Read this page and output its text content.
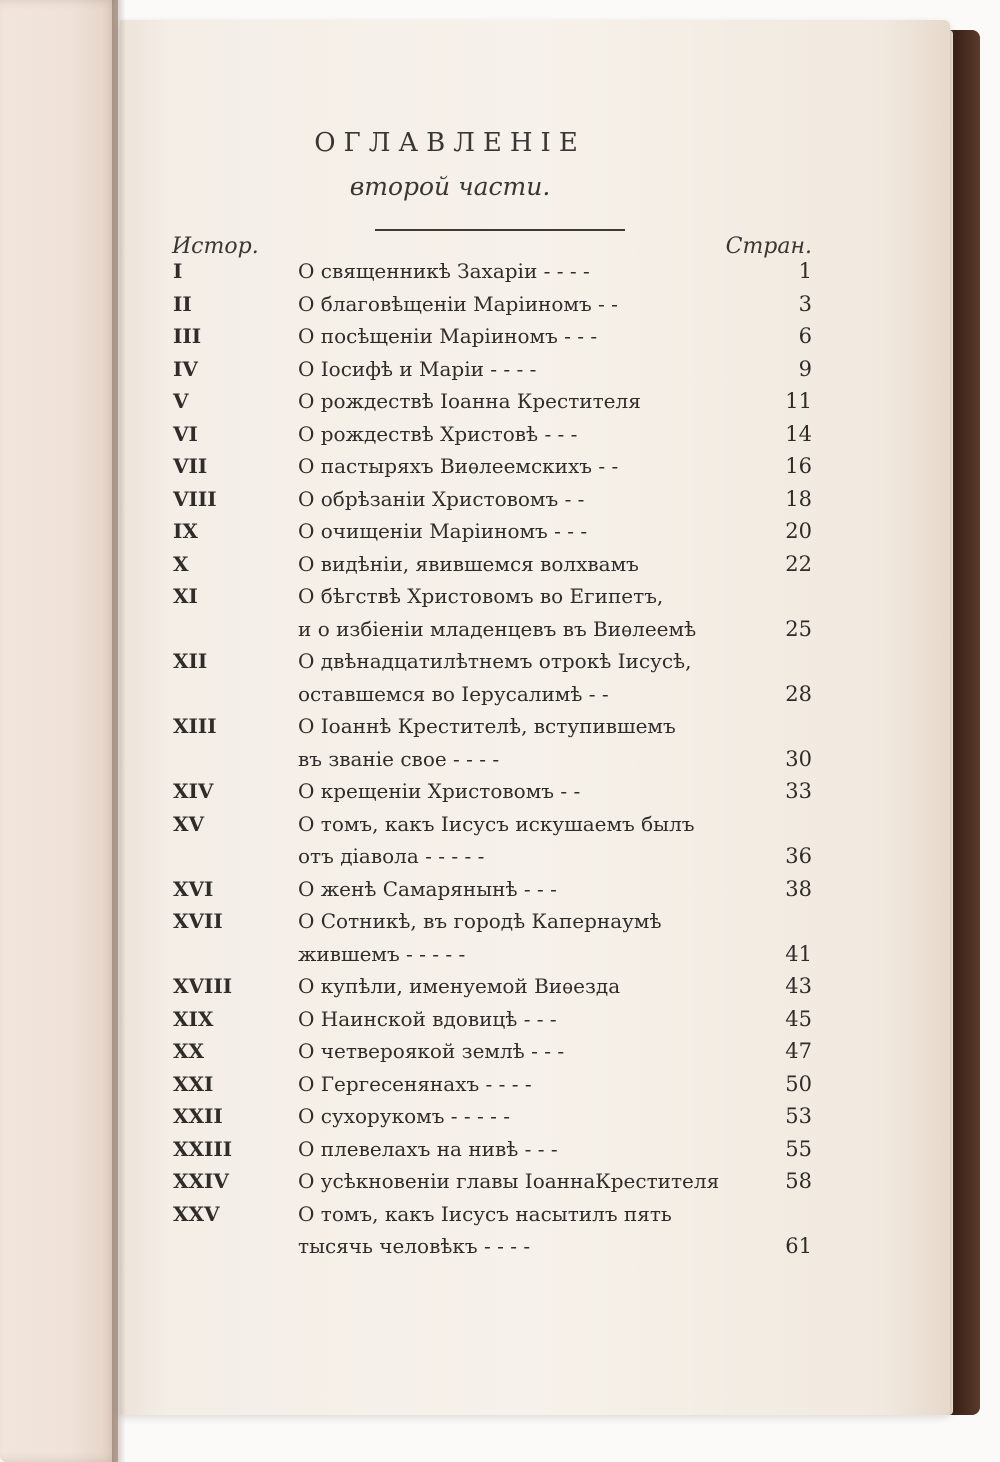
ОГЛАВЛЕНІЕ
второй части.
Истор.	Стран.
I	О священникѣ Захаріи - - - -	1
II	О благовѣщеніи Маріиномъ - -	3
III	О посѣщеніи Маріиномъ - - -	6
IV	О Іосифѣ и Маріи - - - -	9
V	О рождествѣ Іоанна Крестителя	11
VI	О рождествѣ Христовѣ - - -	14
VII	О пастыряхъ Виѳлеемскихъ - -	16
VIII	О обрѣзаніи Христовомъ - -	18
IX	О очищеніи Маріиномъ - - -	20
X	О видѣніи, явившемся волхвамъ	22
XI	О бѣгствѣ Христовомъ во Египетъ,
и о избіеніи младенцевъ въ Виѳлеемѣ	25
XII	О двѣнадцатилѣтнемъ отрокѣ Іисусѣ,
оставшемся во Іерусалимѣ - -	28
XIII	О Іоаннѣ Крестителѣ, вступившемъ
въ званіе свое - - - -	30
XIV	О крещеніи Христовомъ - -	33
XV	О томъ, какъ Іисусъ искушаемъ былъ
отъ діавола - - - - -	36
XVI	О женѣ Самарянынѣ - - -	38
XVII	О Сотникѣ, въ городѣ Капернаумѣ
жившемъ - - - - -	41
XVIII	О купѣли, именуемой Виѳезда	43
XIX	О Наинской вдовицѣ - - -	45
XX	О четвероякой землѣ - - -	47
XXI	О Гергесенянахъ - - - -	50
XXII	О сухорукомъ - - - - -	53
XXIII	О плевелахъ на нивѣ - - -	55
XXIV	О усѣкновеніи главы ІоаннаКрестителя	58
XXV	О томъ, какъ Іисусъ насытилъ пять
тысячь человѣкъ - - - -	61
